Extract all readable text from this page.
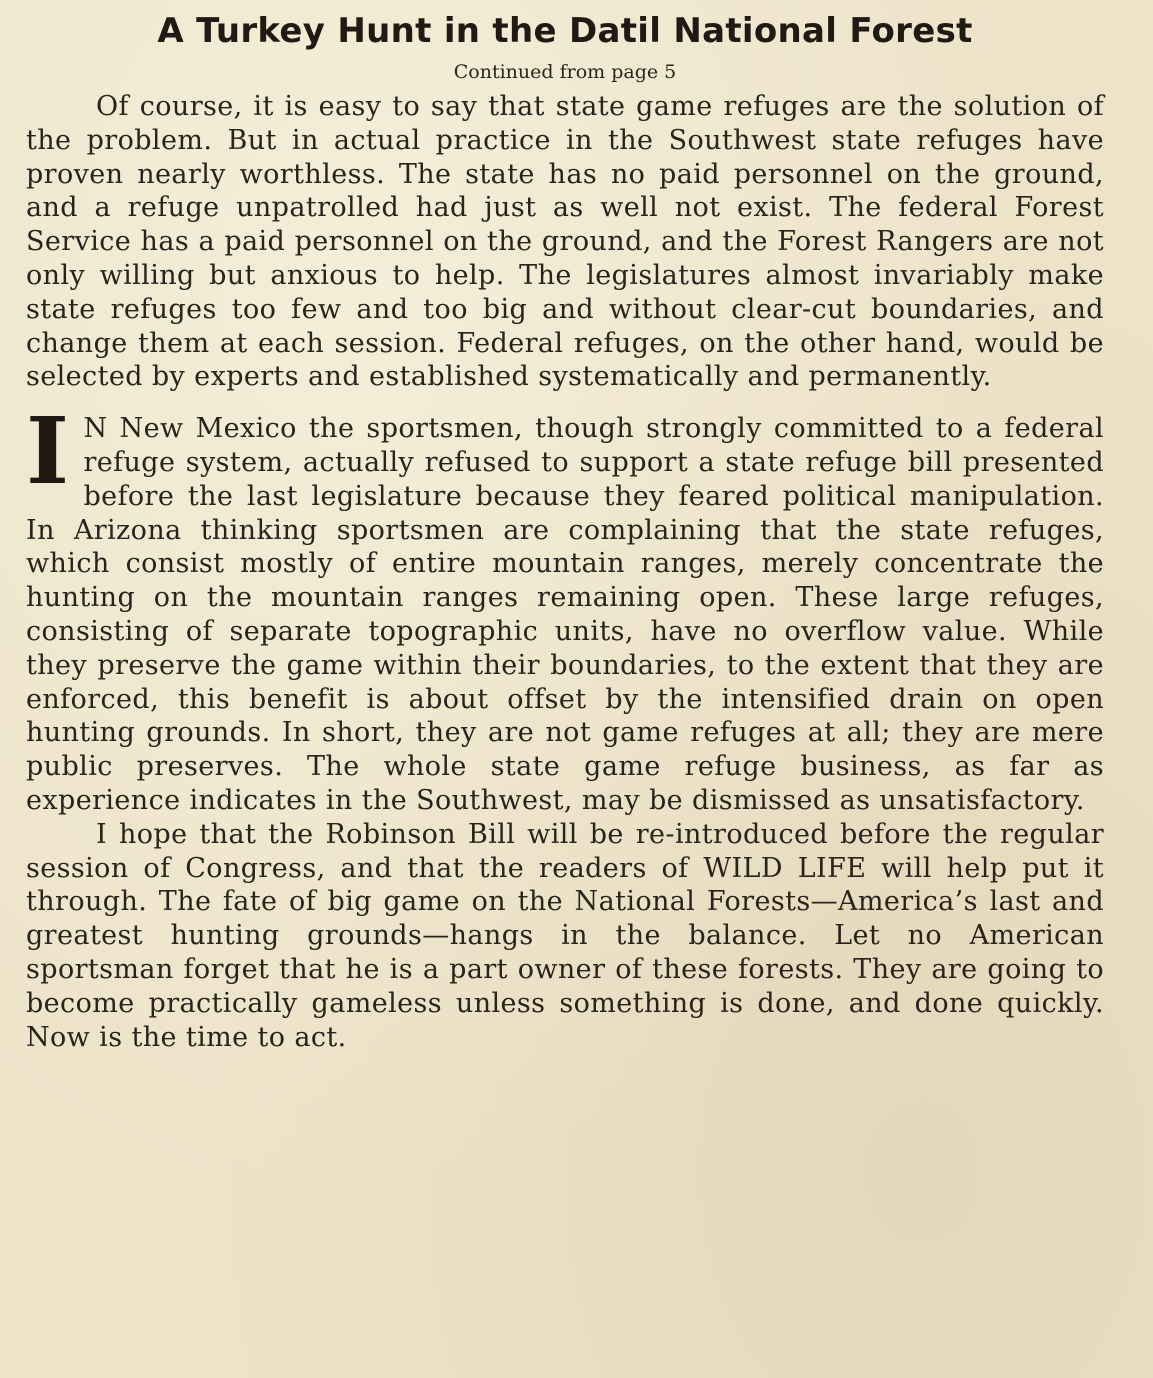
A Turkey Hunt in the Datil National Forest
Continued from page 5

Of course, it is easy to say that state game refuges are the solution of the problem. But in actual practice in the Southwest state refuges have proven nearly worthless. The state has no paid personnel on the ground, and a refuge unpatrolled had just as well not exist. The federal Forest Service has a paid personnel on the ground, and the Forest Rangers are not only willing but anxious to help. The legislatures almost invariably make state refuges too few and too big and without clear-cut boundaries, and change them at each session. Federal refuges, on the other hand, would be selected by experts and established systematically and permanently.

I N New Mexico the sportsmen, though strongly committed to a federal refuge system, actually refused to support a state refuge bill presented before the last legislature because they feared political manipulation. In Arizona thinking sportsmen are complaining that the state refuges, which consist mostly of entire mountain ranges, merely concentrate the hunting on the mountain ranges remaining open. These large refuges, consisting of separate topographic units, have no overflow value. While they preserve the game within their boundaries, to the extent that they are enforced, this benefit is about offset by the intensified drain on open hunting grounds. In short, they are not game refuges at all; they are mere public preserves. The whole state game refuge business, as far as experience indicates in the Southwest, may be dismissed as unsatisfactory.

I hope that the Robinson Bill will be re-introduced before the regular session of Congress, and that the readers of WILD LIFE will help put it through. The fate of big game on the National Forests—America’s last and greatest hunting grounds—hangs in the balance. Let no American sportsman forget that he is a part owner of these forests. They are going to become practically gameless unless something is done, and done quickly. Now is the time to act.
